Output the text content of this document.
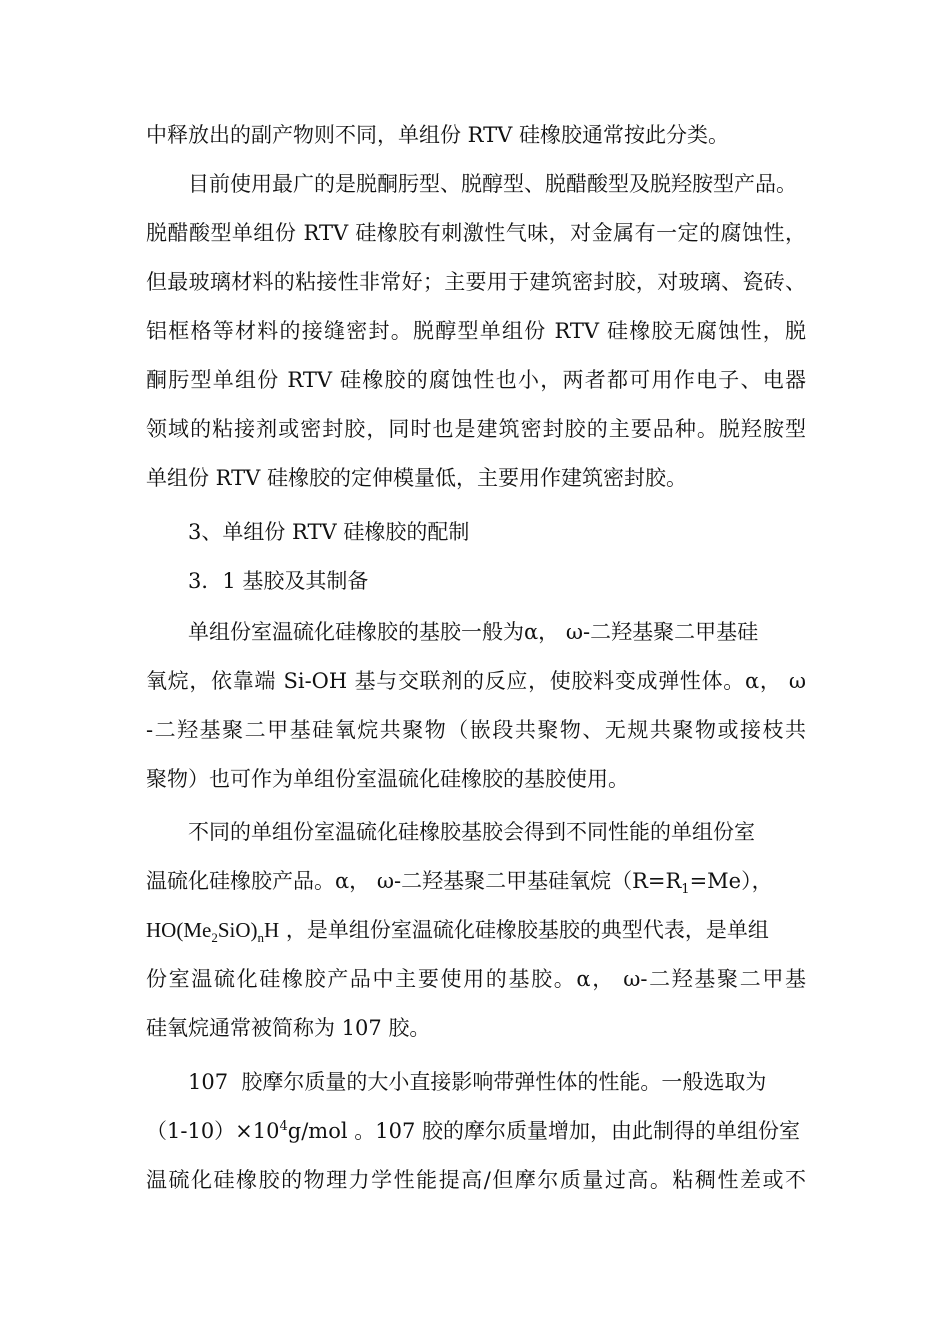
中释放出的副产物则不同，单组份 RTV 硅橡胶通常按此分类。
目前使用最广的是脱酮肟型、脱醇型、脱醋酸型及脱羟胺型产品。
脱醋酸型单组份 RTV 硅橡胶有刺激性气味，对金属有一定的腐蚀性，
但最玻璃材料的粘接性非常好；主要用于建筑密封胶，对玻璃、瓷砖、
铝框格等材料的接缝密封。脱醇型单组份 RTV 硅橡胶无腐蚀性，脱
酮肟型单组份 RTV 硅橡胶的腐蚀性也小，两者都可用作电子、电器
领域的粘接剂或密封胶，同时也是建筑密封胶的主要品种。脱羟胺型
单组份 RTV 硅橡胶的定伸模量低，主要用作建筑密封胶。
3、单组份 RTV 硅橡胶的配制
3．1 基胶及其制备
单组份室温硫化硅橡胶的基胶一般为α， ω-二羟基聚二甲基硅
氧烷，依靠端 Si-OH 基与交联剂的反应，使胶料变成弹性体。α， ω
-二羟基聚二甲基硅氧烷共聚物（嵌段共聚物、无规共聚物或接枝共
聚物）也可作为单组份室温硫化硅橡胶的基胶使用。
不同的单组份室温硫化硅橡胶基胶会得到不同性能的单组份室
温硫化硅橡胶产品。α， ω-二羟基聚二甲基硅氧烷$(R=R_1=Me)$，
$HO(Me_2SiO)_nH$ ，是单组份室温硫化硅橡胶基胶的典型代表，是单组
份室温硫化硅橡胶产品中主要使用的基胶。α， ω-二羟基聚二甲基
硅氧烷通常被简称为 107 胶。
107  胶摩尔质量的大小直接影响带弹性体的性能。一般选取为
$(1-10)\times 10^4g$/mol 。107 胶的摩尔质量增加，由此制得的单组份室
温硫化硅橡胶的物理力学性能提高/但摩尔质量过高。粘稠性差或不
